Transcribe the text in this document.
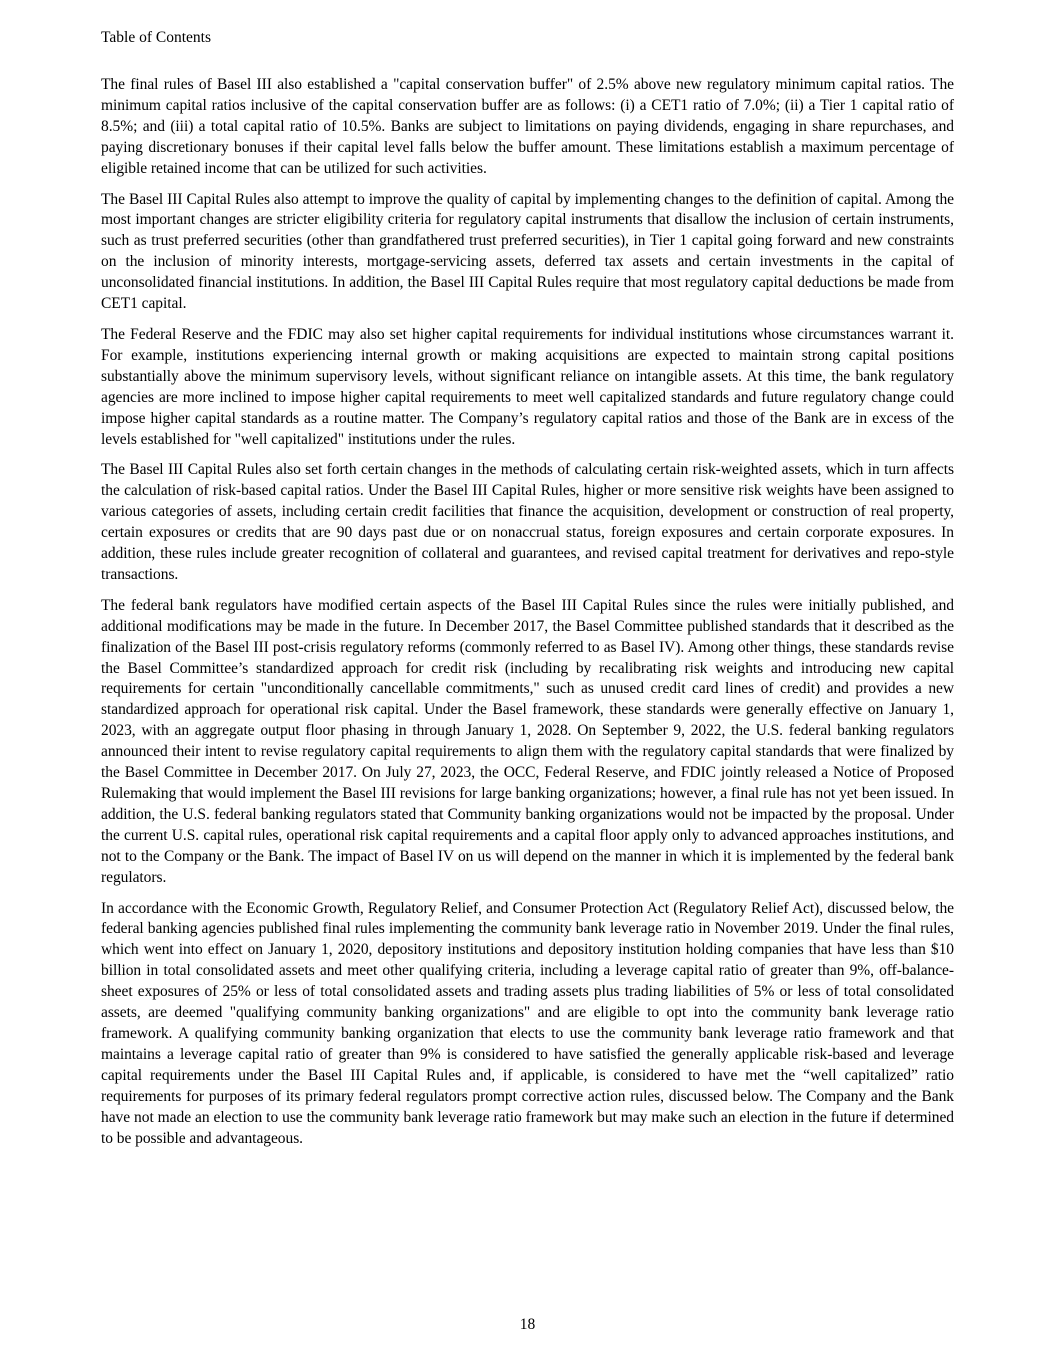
Table of Contents

The final rules of Basel III also established a "capital conservation buffer" of 2.5% above new regulatory minimum capital ratios. The minimum capital ratios inclusive of the capital conservation buffer are as follows: (i) a CET1 ratio of 7.0%; (ii) a Tier 1 capital ratio of 8.5%; and (iii) a total capital ratio of 10.5%. Banks are subject to limitations on paying dividends, engaging in share repurchases, and paying discretionary bonuses if their capital level falls below the buffer amount. These limitations establish a maximum percentage of eligible retained income that can be utilized for such activities.

The Basel III Capital Rules also attempt to improve the quality of capital by implementing changes to the definition of capital. Among the most important changes are stricter eligibility criteria for regulatory capital instruments that disallow the inclusion of certain instruments, such as trust preferred securities (other than grandfathered trust preferred securities), in Tier 1 capital going forward and new constraints on the inclusion of minority interests, mortgage-servicing assets, deferred tax assets and certain investments in the capital of unconsolidated financial institutions. In addition, the Basel III Capital Rules require that most regulatory capital deductions be made from CET1 capital.

The Federal Reserve and the FDIC may also set higher capital requirements for individual institutions whose circumstances warrant it. For example, institutions experiencing internal growth or making acquisitions are expected to maintain strong capital positions substantially above the minimum supervisory levels, without significant reliance on intangible assets. At this time, the bank regulatory agencies are more inclined to impose higher capital requirements to meet well capitalized standards and future regulatory change could impose higher capital standards as a routine matter. The Company’s regulatory capital ratios and those of the Bank are in excess of the levels established for "well capitalized" institutions under the rules.

The Basel III Capital Rules also set forth certain changes in the methods of calculating certain risk-weighted assets, which in turn affects the calculation of risk-based capital ratios. Under the Basel III Capital Rules, higher or more sensitive risk weights have been assigned to various categories of assets, including certain credit facilities that finance the acquisition, development or construction of real property, certain exposures or credits that are 90 days past due or on nonaccrual status, foreign exposures and certain corporate exposures. In addition, these rules include greater recognition of collateral and guarantees, and revised capital treatment for derivatives and repo-style transactions.

The federal bank regulators have modified certain aspects of the Basel III Capital Rules since the rules were initially published, and additional modifications may be made in the future. In December 2017, the Basel Committee published standards that it described as the finalization of the Basel III post-crisis regulatory reforms (commonly referred to as Basel IV). Among other things, these standards revise the Basel Committee’s standardized approach for credit risk (including by recalibrating risk weights and introducing new capital requirements for certain "unconditionally cancellable commitments," such as unused credit card lines of credit) and provides a new standardized approach for operational risk capital. Under the Basel framework, these standards were generally effective on January 1, 2023, with an aggregate output floor phasing in through January 1, 2028. On September 9, 2022, the U.S. federal banking regulators announced their intent to revise regulatory capital requirements to align them with the regulatory capital standards that were finalized by the Basel Committee in December 2017. On July 27, 2023, the OCC, Federal Reserve, and FDIC jointly released a Notice of Proposed Rulemaking that would implement the Basel III revisions for large banking organizations; however, a final rule has not yet been issued. In addition, the U.S. federal banking regulators stated that Community banking organizations would not be impacted by the proposal. Under the current U.S. capital rules, operational risk capital requirements and a capital floor apply only to advanced approaches institutions, and not to the Company or the Bank. The impact of Basel IV on us will depend on the manner in which it is implemented by the federal bank regulators.

In accordance with the Economic Growth, Regulatory Relief, and Consumer Protection Act (Regulatory Relief Act), discussed below, the federal banking agencies published final rules implementing the community bank leverage ratio in November 2019. Under the final rules, which went into effect on January 1, 2020, depository institutions and depository institution holding companies that have less than $10 billion in total consolidated assets and meet other qualifying criteria, including a leverage capital ratio of greater than 9%, off-balance-sheet exposures of 25% or less of total consolidated assets and trading assets plus trading liabilities of 5% or less of total consolidated assets, are deemed "qualifying community banking organizations" and are eligible to opt into the community bank leverage ratio framework. A qualifying community banking organization that elects to use the community bank leverage ratio framework and that maintains a leverage capital ratio of greater than 9% is considered to have satisfied the generally applicable risk-based and leverage capital requirements under the Basel III Capital Rules and, if applicable, is considered to have met the “well capitalized” ratio requirements for purposes of its primary federal regulators prompt corrective action rules, discussed below. The Company and the Bank have not made an election to use the community bank leverage ratio framework but may make such an election in the future if determined to be possible and advantageous.

18
